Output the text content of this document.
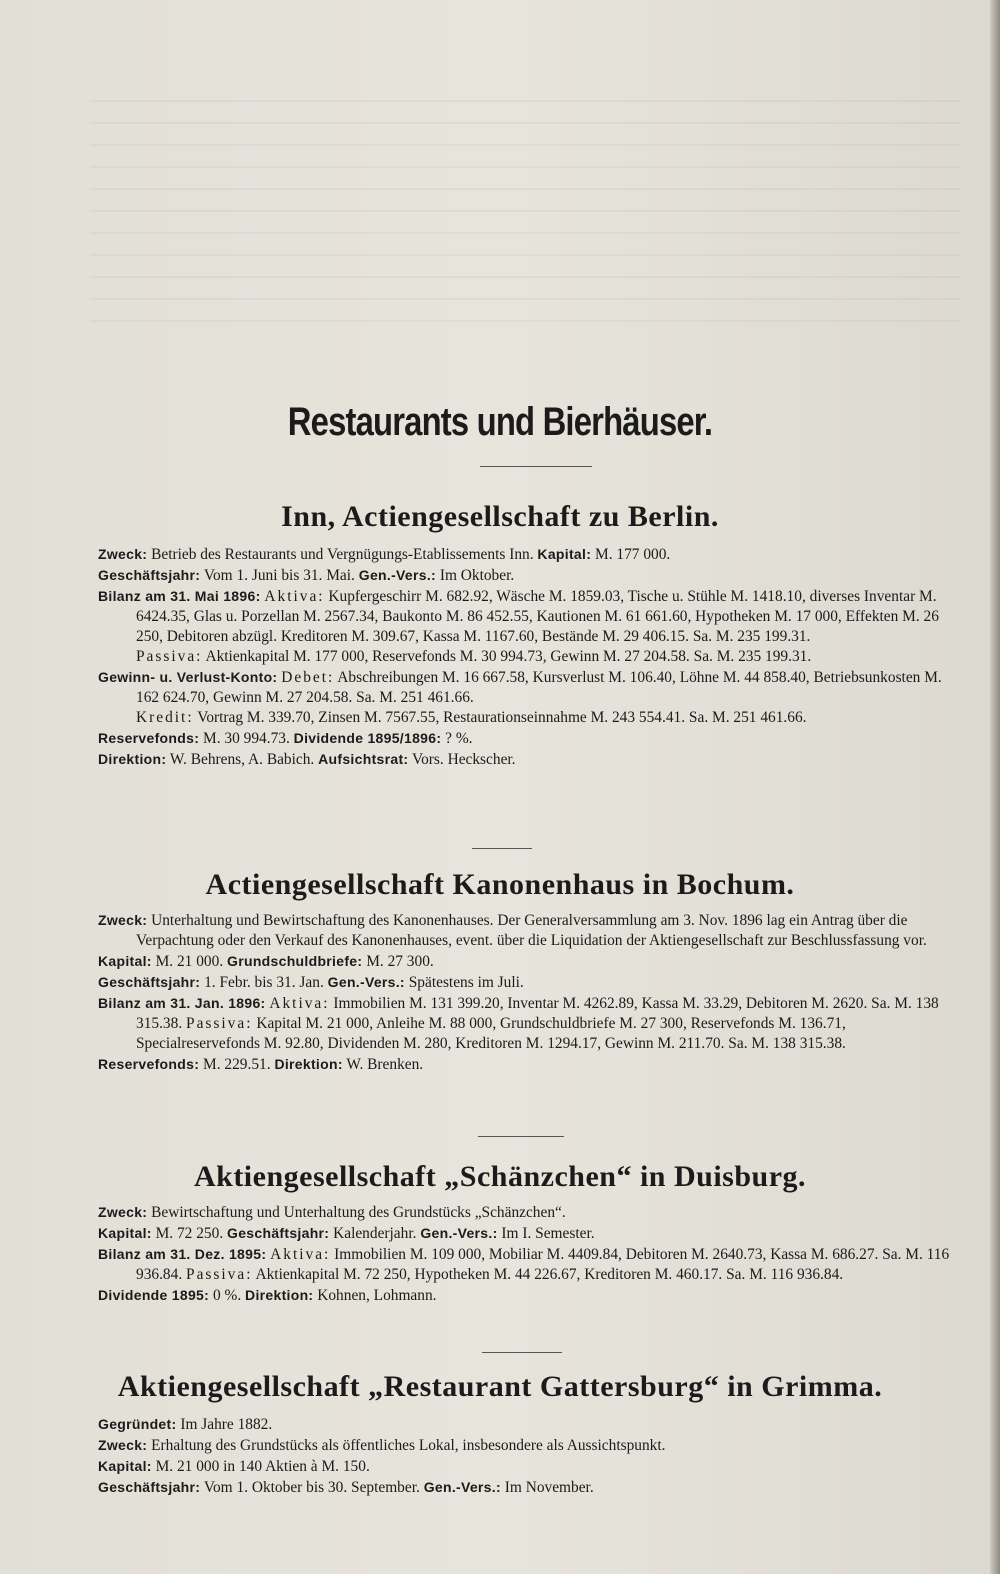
Restaurants und Bierhäuser.
Inn, Actiengesellschaft zu Berlin.

Zweck: Betrieb des Restaurants und Vergnügungs-Etablissements Inn. Kapital: M. 177 000.

Geschäftsjahr: Vom 1. Juni bis 31. Mai. Gen.-Vers.: Im Oktober.

Bilanz am 31. Mai 1896: Aktiva: Kupfergeschirr M. 682.92, Wäsche M. 1859.03, Tische u. Stühle M. 1418.10, diverses Inventar M. 6424.35, Glas u. Porzellan M. 2567.34, Baukonto M. 86 452.55, Kautionen M. 61 661.60, Hypotheken M. 17 000, Effekten M. 26 250, Debitoren abzügl. Kreditoren M. 309.67, Kassa M. 1167.60, Bestände M. 29 406.15. Sa. M. 235 199.31.
Passiva: Aktienkapital M. 177 000, Reservefonds M. 30 994.73, Gewinn M. 27 204.58. Sa. M. 235 199.31.

Gewinn- u. Verlust-Konto: Debet: Abschreibungen M. 16 667.58, Kursverlust M. 106.40, Löhne M. 44 858.40, Betriebsunkosten M. 162 624.70, Gewinn M. 27 204.58. Sa. M. 251 461.66.
Kredit: Vortrag M. 339.70, Zinsen M. 7567.55, Restaurationseinnahme M. 243 554.41. Sa. M. 251 461.66.

Reservefonds: M. 30 994.73. Dividende 1895/1896: ? %.

Direktion: W. Behrens, A. Babich. Aufsichtsrat: Vors. Heckscher.

Actiengesellschaft Kanonenhaus in Bochum.

Zweck: Unterhaltung und Bewirtschaftung des Kanonenhauses. Der Generalversammlung am 3. Nov. 1896 lag ein Antrag über die Verpachtung oder den Verkauf des Kanonenhauses, event. über die Liquidation der Aktiengesellschaft zur Beschlussfassung vor.

Kapital: M. 21 000. Grundschuldbriefe: M. 27 300.

Geschäftsjahr: 1. Febr. bis 31. Jan. Gen.-Vers.: Spätestens im Juli.

Bilanz am 31. Jan. 1896: Aktiva: Immobilien M. 131 399.20, Inventar M. 4262.89, Kassa M. 33.29, Debitoren M. 2620. Sa. M. 138 315.38. Passiva: Kapital M. 21 000, Anleihe M. 88 000, Grundschuldbriefe M. 27 300, Reservefonds M. 136.71, Specialreservefonds M. 92.80, Dividenden M. 280, Kreditoren M. 1294.17, Gewinn M. 211.70. Sa. M. 138 315.38.

Reservefonds: M. 229.51. Direktion: W. Brenken.

Aktiengesellschaft „Schänzchen“ in Duisburg.

Zweck: Bewirtschaftung und Unterhaltung des Grundstücks „Schänzchen“.

Kapital: M. 72 250. Geschäftsjahr: Kalenderjahr. Gen.-Vers.: Im I. Semester.

Bilanz am 31. Dez. 1895: Aktiva: Immobilien M. 109 000, Mobiliar M. 4409.84, Debitoren M. 2640.73, Kassa M. 686.27. Sa. M. 116 936.84. Passiva: Aktienkapital M. 72 250, Hypotheken M. 44 226.67, Kreditoren M. 460.17. Sa. M. 116 936.84.

Dividende 1895: 0 %. Direktion: Kohnen, Lohmann.

Aktiengesellschaft „Restaurant Gattersburg“ in Grimma.

Gegründet: Im Jahre 1882.

Zweck: Erhaltung des Grundstücks als öffentliches Lokal, insbesondere als Aussichtspunkt.

Kapital: M. 21 000 in 140 Aktien à M. 150.

Geschäftsjahr: Vom 1. Oktober bis 30. September. Gen.-Vers.: Im November.
